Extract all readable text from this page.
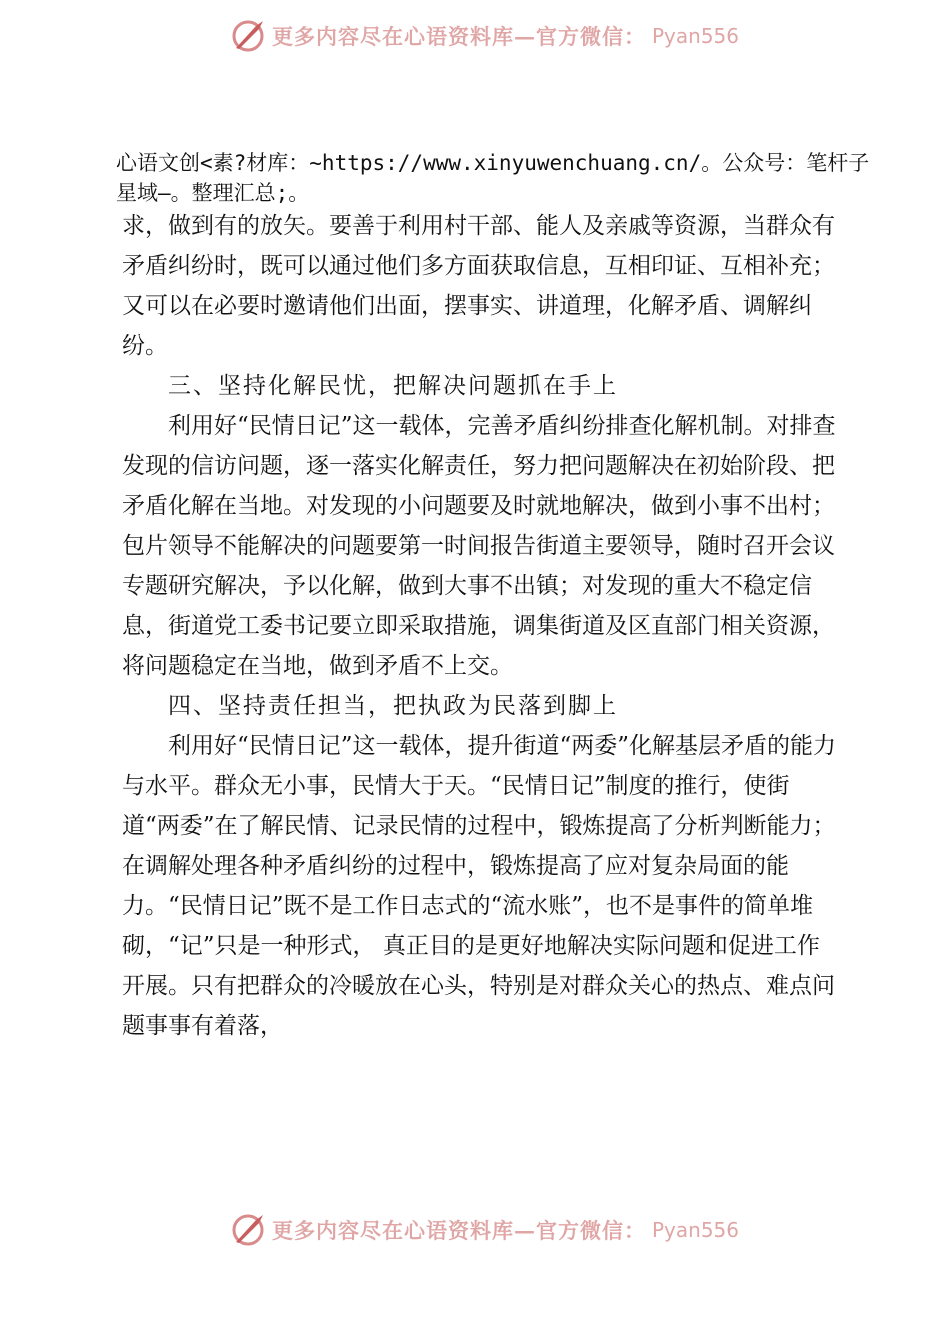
更多内容尽在心语资料库—官方微信： Pyan556
心语文创<素?材库：~https://www.xinyuwenchuang.cn/。公众号：笔杆子星域—。整理汇总;。

求，做到有的放矢。要善于利用村干部、能人及亲戚等资源，当群众有矛盾纠纷时，既可以通过他们多方面获取信息，互相印证、互相补充；又可以在必要时邀请他们出面，摆事实、讲道理，化解矛盾、调解纠纷。

三、坚持化解民忧，把解决问题抓在手上

利用好“民情日记”这一载体，完善矛盾纠纷排查化解机制。对排查发现的信访问题，逐一落实化解责任，努力把问题解决在初始阶段、把矛盾化解在当地。对发现的小问题要及时就地解决，做到小事不出村；包片领导不能解决的问题要第一时间报告街道主要领导，随时召开会议专题研究解决，予以化解，做到大事不出镇；对发现的重大不稳定信息，街道党工委书记要立即采取措施，调集街道及区直部门相关资源，将问题稳定在当地，做到矛盾不上交。

四、坚持责任担当，把执政为民落到脚上

利用好“民情日记”这一载体，提升街道“两委”化解基层矛盾的能力与水平。群众无小事，民情大于天。“民情日记”制度的推行，使街道“两委”在了解民情、记录民情的过程中，锻炼提高了分析判断能力；在调解处理各种矛盾纠纷的过程中，锻炼提高了应对复杂局面的能力。“民情日记”既不是工作日志式的“流水账”，也不是事件的简单堆砌，“记”只是一种形式， 真正目的是更好地解决实际问题和促进工作开展。只有把群众的冷暖放在心头，特别是对群众关心的热点、难点问题事事有着落，

更多内容尽在心语资料库—官方微信： Pyan556
